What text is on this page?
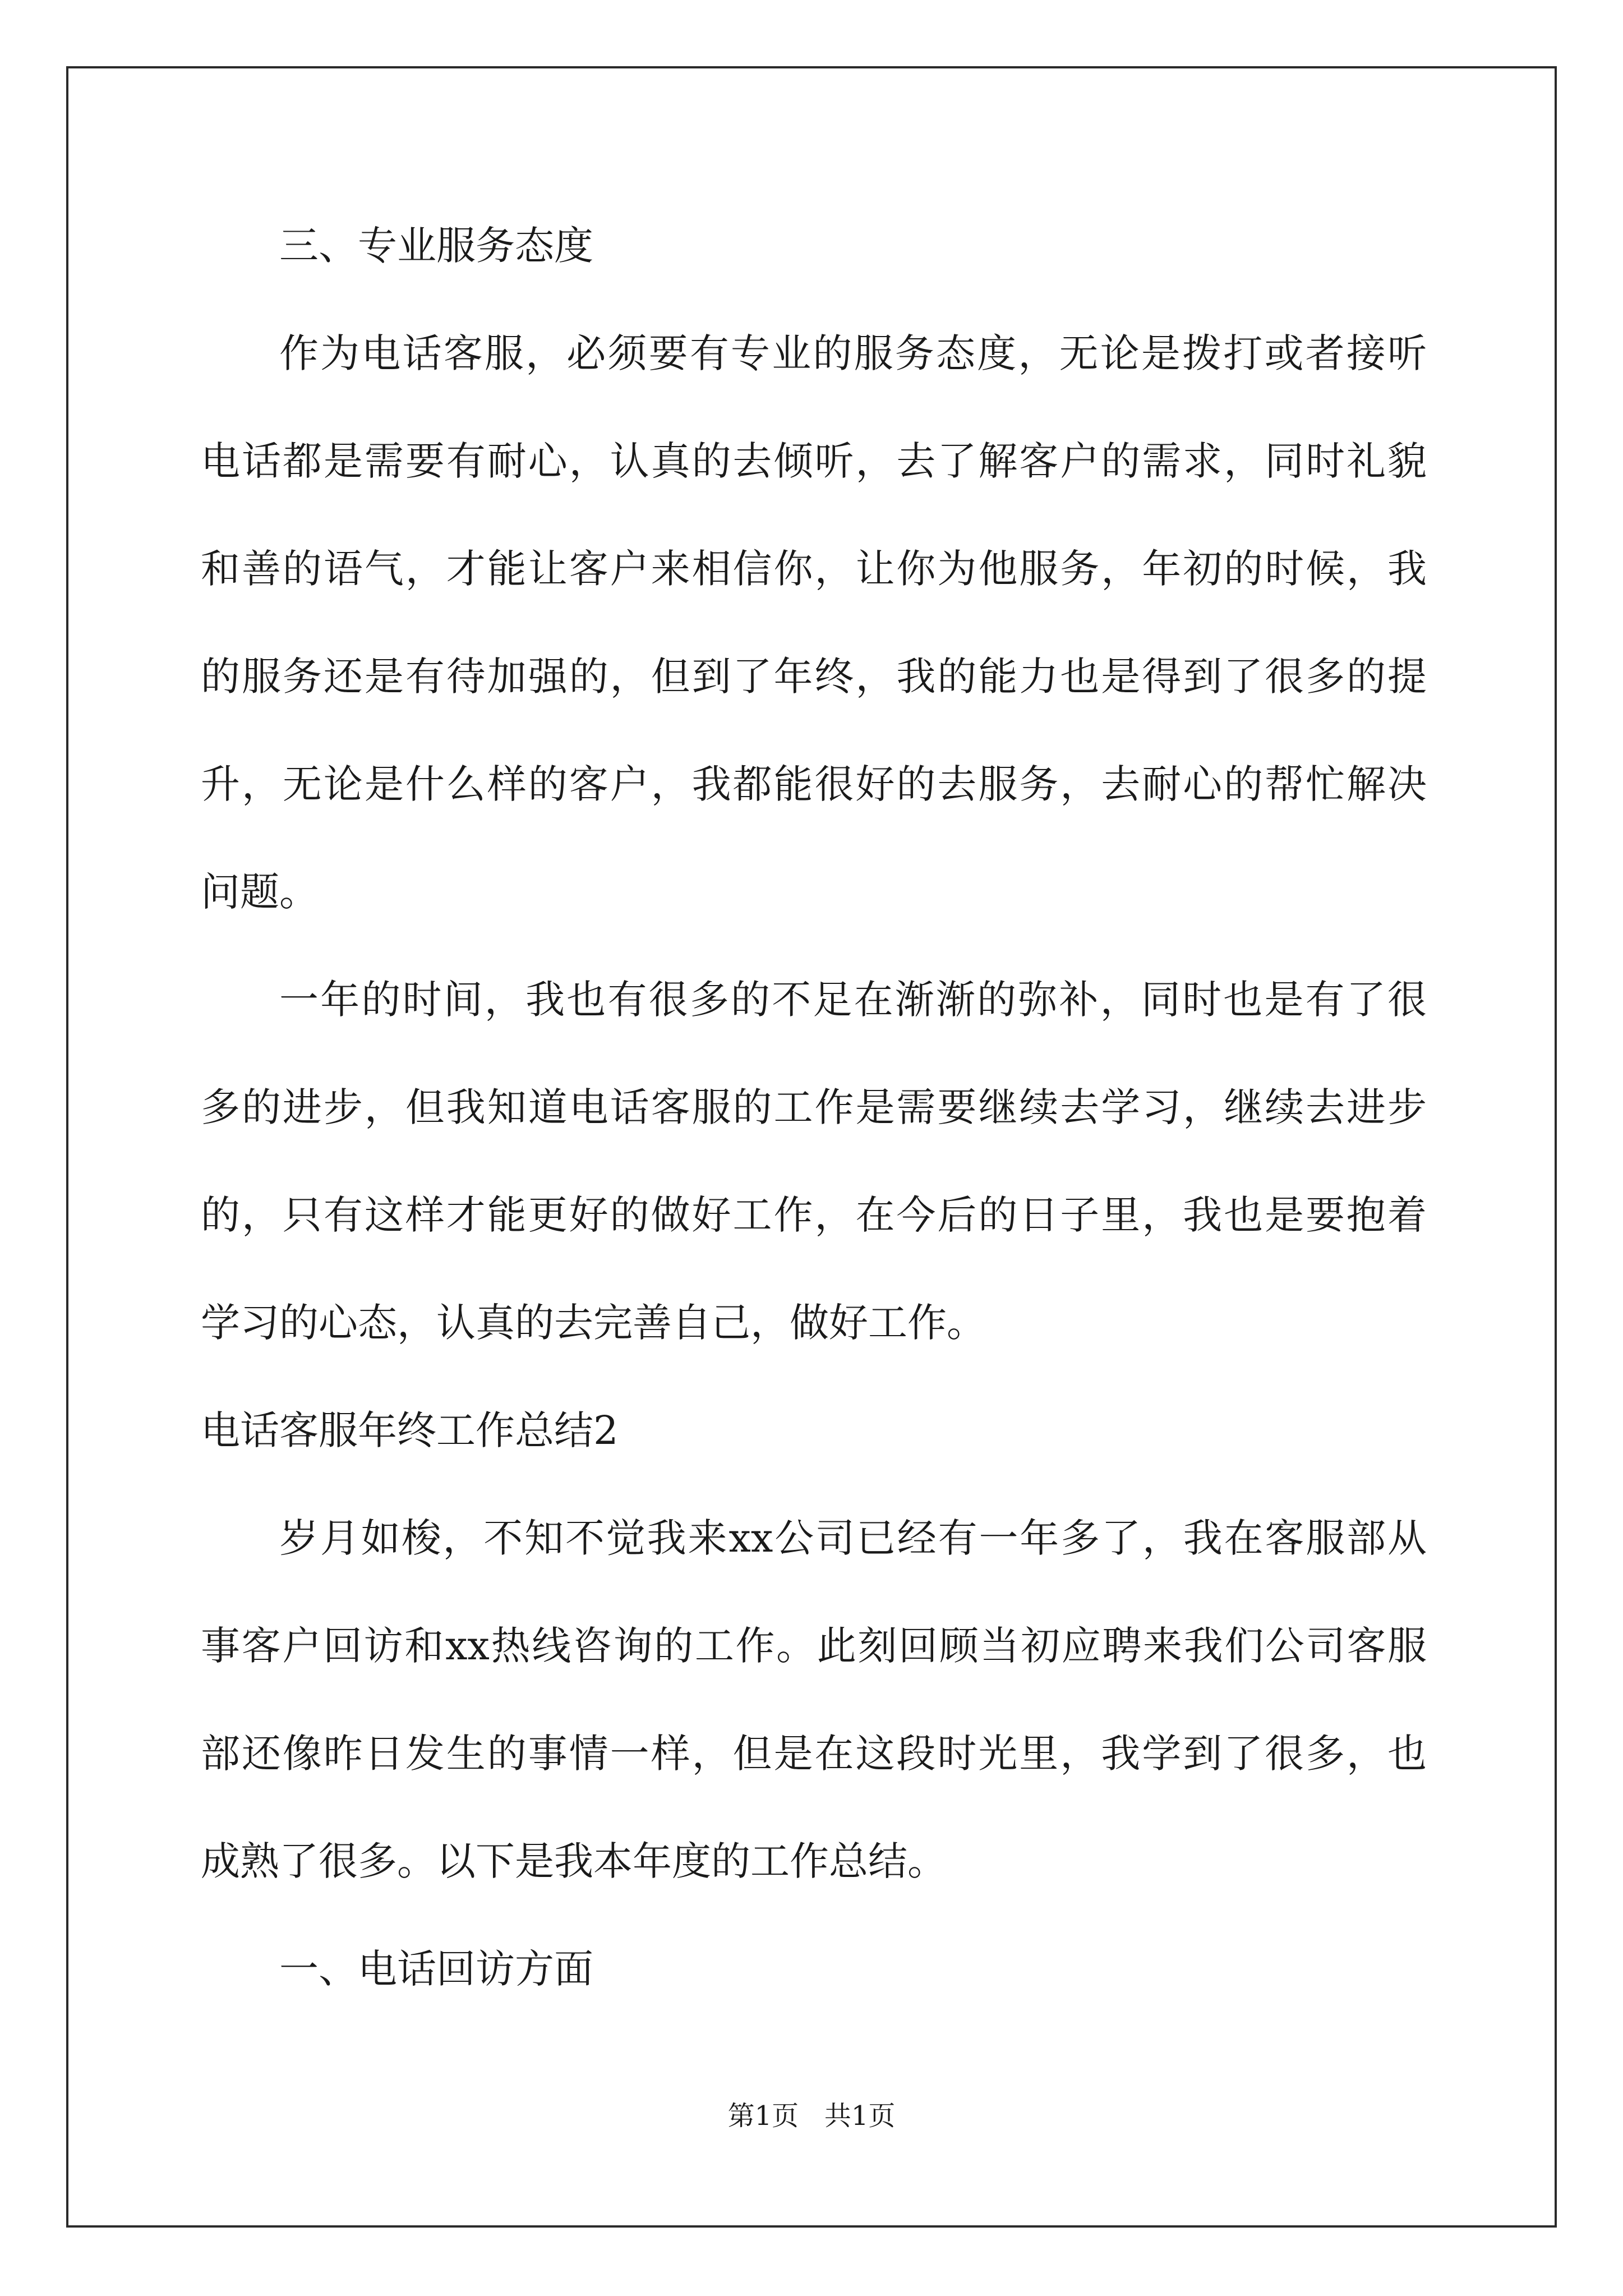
三、专业服务态度
作为电话客服，必须要有专业的服务态度，无论是拨打或者接听
电话都是需要有耐心，认真的去倾听，去了解客户的需求，同时礼貌
和善的语气，才能让客户来相信你，让你为他服务，年初的时候，我
的服务还是有待加强的，但到了年终，我的能力也是得到了很多的提
升，无论是什么样的客户，我都能很好的去服务，去耐心的帮忙解决
问题。
一年的时间，我也有很多的不足在渐渐的弥补，同时也是有了很
多的进步，但我知道电话客服的工作是需要继续去学习，继续去进步
的，只有这样才能更好的做好工作，在今后的日子里，我也是要抱着
学习的心态，认真的去完善自己，做好工作。
电话客服年终工作总结2
岁月如梭，不知不觉我来xx公司已经有一年多了，我在客服部从
事客户回访和xx热线咨询的工作。此刻回顾当初应聘来我们公司客服
部还像昨日发生的事情一样，但是在这段时光里，我学到了很多，也
成熟了很多。以下是我本年度的工作总结。
一、电话回访方面
第1页   共1页
